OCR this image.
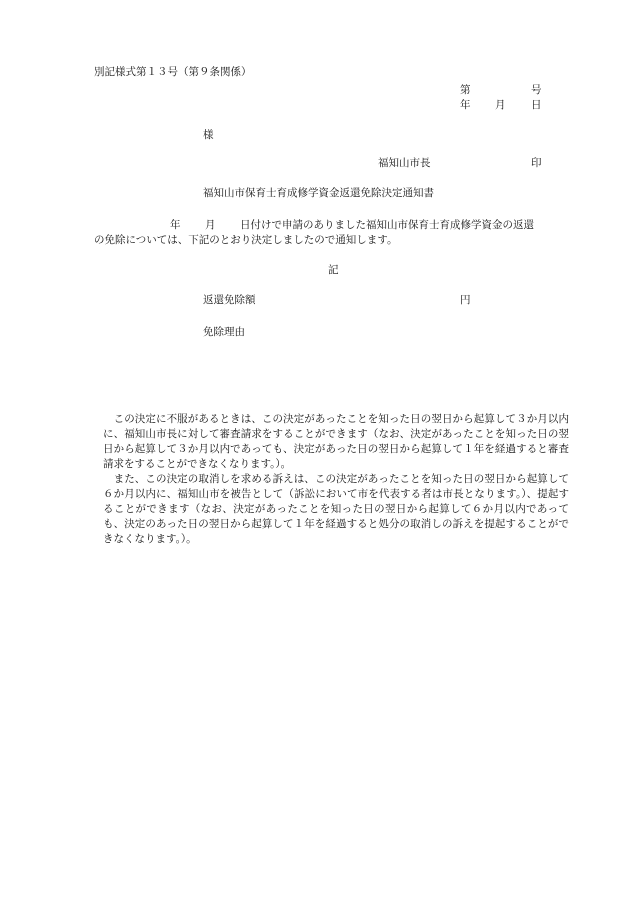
別記様式第１３号（第９条関係）
第	号
年 月 日
様
福知山市長	印
福知山市保育士育成修学資金返還免除決定通知書
年 月 日付けで申請のありました福知山市保育士育成修学資金の返還
の免除については、下記のとおり決定しましたので通知します。
記
返還免除額	円
免除理由
　この決定に不服があるときは、この決定があったことを知った日の翌日から起算して３か月以内に、福知山市長に対して審査請求をすることができます（なお、決定があったことを知った日の翌日から起算して３か月以内であっても、決定があった日の翌日から起算して１年を経過すると審査請求をすることができなくなります。）。
　また、この決定の取消しを求める訴えは、この決定があったことを知った日の翌日から起算して６か月以内に、福知山市を被告として（訴訟において市を代表する者は市長となります。）、提起することができます（なお、決定があったことを知った日の翌日から起算して６か月以内であっても、決定のあった日の翌日から起算して１年を経過すると処分の取消しの訴えを提起することができなくなります。）。
